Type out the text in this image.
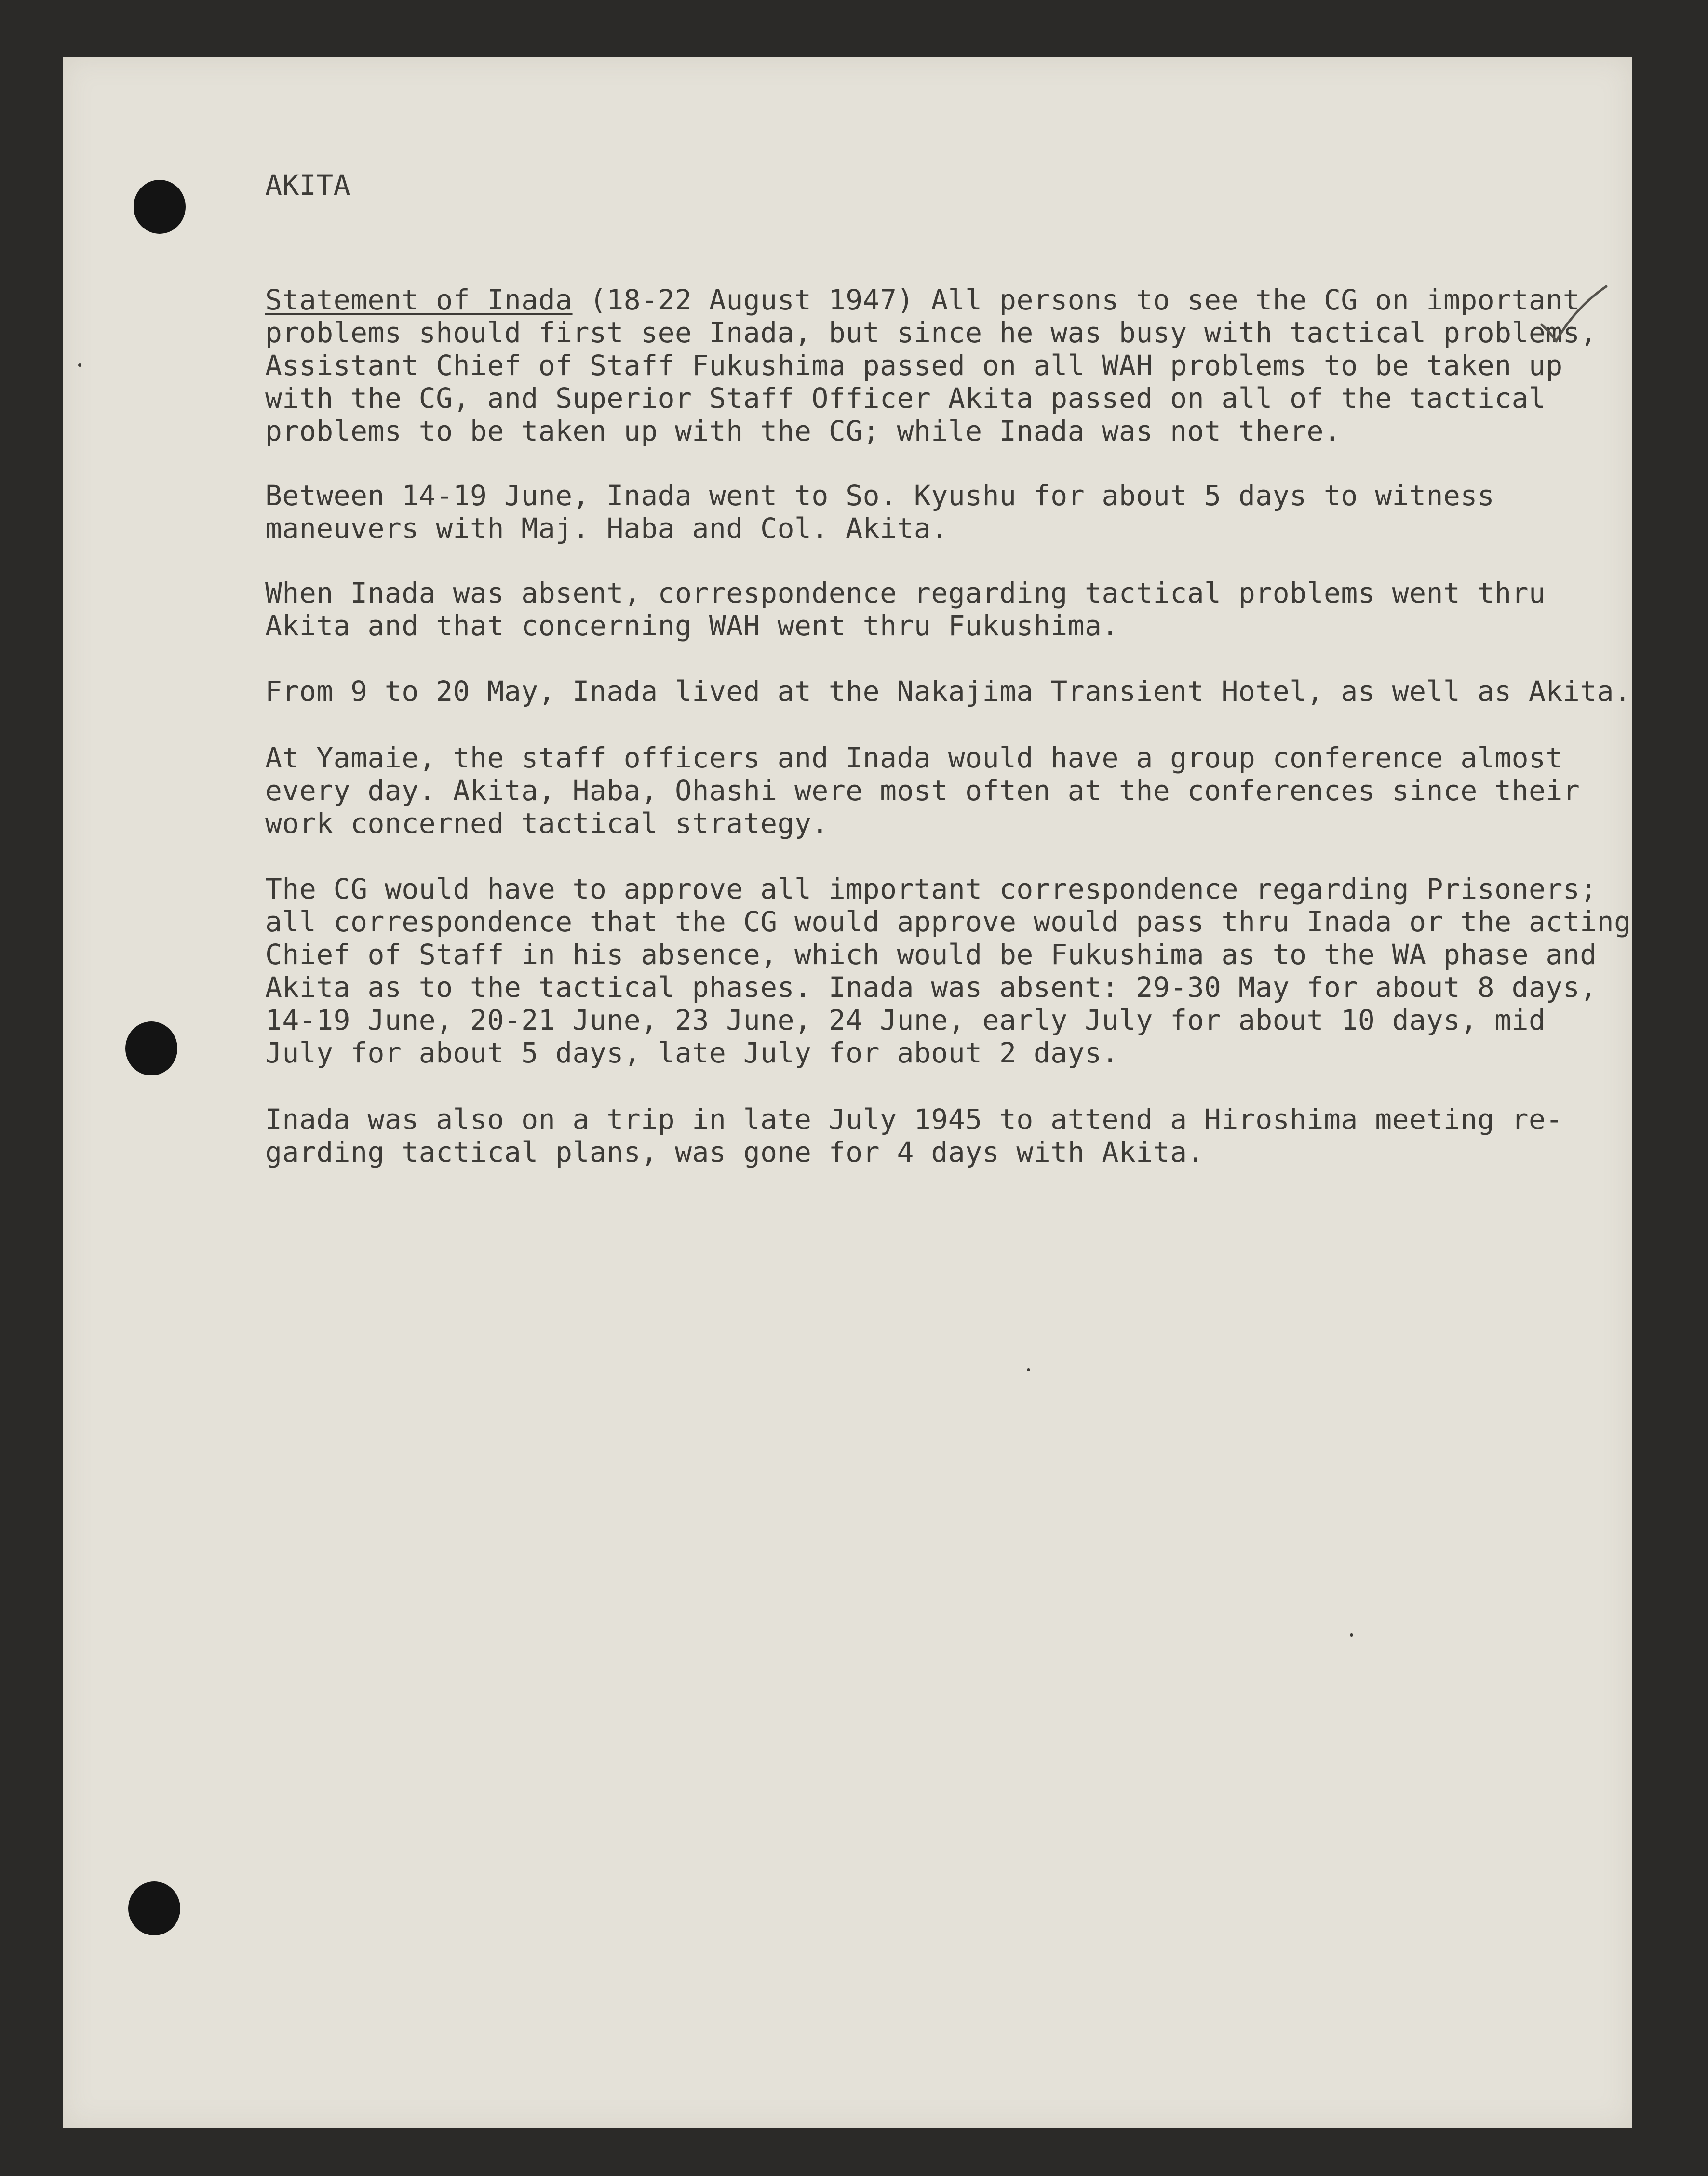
AKITA
Statement of Inada (18-22 August 1947) All persons to see the CG on important
problems should first see Inada, but since he was busy with tactical problems,
Assistant Chief of Staff Fukushima passed on all WAH problems to be taken up
with the CG, and Superior Staff Officer Akita passed on all of the tactical
problems to be taken up with the CG; while Inada was not there.
Between 14-19 June, Inada went to So. Kyushu for about 5 days to witness
maneuvers with Maj. Haba and Col. Akita.
When Inada was absent, correspondence regarding tactical problems went thru
Akita and that concerning WAH went thru Fukushima.
From 9 to 20 May, Inada lived at the Nakajima Transient Hotel, as well as Akita.
At Yamaie, the staff officers and Inada would have a group conference almost
every day. Akita, Haba, Ohashi were most often at the conferences since their
work concerned tactical strategy.
The CG would have to approve all important correspondence regarding Prisoners;
all correspondence that the CG would approve would pass thru Inada or the acting
Chief of Staff in his absence, which would be Fukushima as to the WA phase and
Akita as to the tactical phases. Inada was absent: 29-30 May for about 8 days,
14-19 June, 20-21 June, 23 June, 24 June, early July for about 10 days, mid
July for about 5 days, late July for about 2 days.
Inada was also on a trip in late July 1945 to attend a Hiroshima meeting re-
garding tactical plans, was gone for 4 days with Akita.
